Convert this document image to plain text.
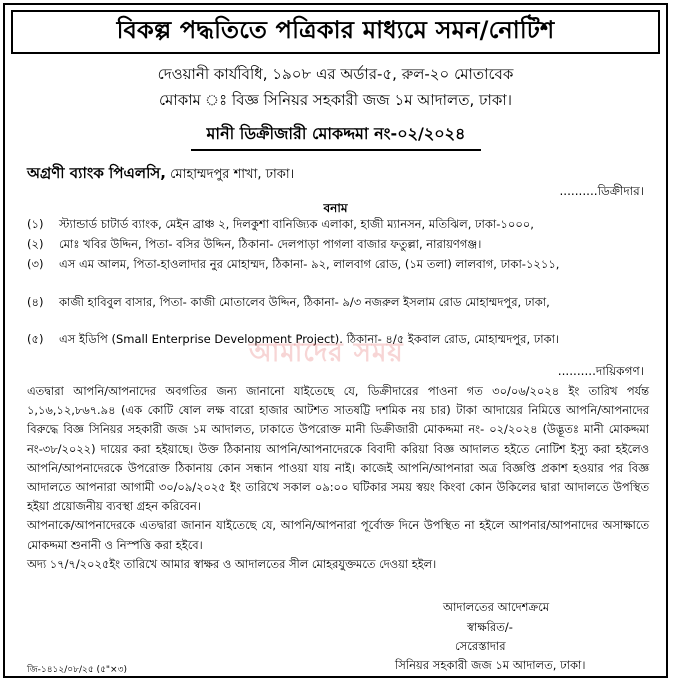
বিকল্প পদ্ধতিতে পত্রিকার মাধ্যমে সমন/নোটিশ
দেওয়ানী কার্যবিধি, ১৯০৮ এর অর্ডার-৫, রুল-২০ মোতাবেক
মোকাম ঃ বিজ্ঞ সিনিয়র সহকারী জজ ১ম আদালত, ঢাকা।
মানী ডিক্রীজারী মোকদ্দমা নং-০২/২০২৪
অগ্রণী ব্যাংক পিএলসি, মোহাম্মদপুর শাখা, ঢাকা।
..........ডিক্রীদার।
বনাম
(১)	স্ট্যান্ডার্ড চাটার্ড ব্যাংক, মেইন ব্রাঞ্চ ২, দিলকুশা বানিজ্যিক এলাকা, হাজী ম্যানসন, মতিঝিল, ঢাকা-১০০০,
(২)	মোঃ খবির উদ্দিন, পিতা- বসির উদ্দিন, ঠিকানা- দেলপাড়া পাগলা বাজার ফতুল্লা, নারায়ণগঞ্জ।
(৩)	এস এম আলম, পিতা-হাওলাদার নুর মোহাম্মদ, ঠিকানা- ৯২, লালবাগ রোড, (১ম তলা) লালবাগ, ঢাকা-১২১১,
(৪)	কাজী হাবিবুল বাসার, পিতা- কাজী মোতালেব উদ্দিন, ঠিকানা- ৯/৩ নজরুল ইসলাম রোড মোহাম্মদপুর, ঢাকা,
(৫)	এস ইডিপি (Small Enterprise Development Project). ঠিকানা- ৪/৫ ইকবাল রোড, মোহাম্মদপুর, ঢাকা।
আমাদের সময়
..........দায়িকগণ।

এতদ্বারা আপনি/আপনাদের অবগতির জন্য জানানো যাইতেছে যে, ডিক্রীদারের পাওনা গত ৩০/০৬/২০২৪ ইং তারিখ পর্যন্ত ১,১৬,১২,৮৬৭.৯৪ (এক কোটি ষোল লক্ষ বারো হাজার আটশত সাতষট্টি দশমিক নয় চার) টাকা আদায়ের নিমিত্তে আপনি/আপনাদের বিরুদ্ধে বিজ্ঞ সিনিয়র সহকারী জজ ১ম আদালত, ঢাকাতে উপরোক্ত মানী ডিক্রীজারী মোকদ্দমা নং- ০২/২০২৪ (উদ্ভূতঃ মানী মোকদ্দমা নং-৩৮/২০২২) দায়ের করা হইয়াছে। উক্ত ঠিকানায় আপনি/আপনাদেরকে বিবাদী করিয়া বিজ্ঞ আদালত হইতে নোটিশ ইস্যু করা হইলেও আপনি/আপনাদেরকে উপরোক্ত ঠিকানায় কোন সন্ধান পাওয়া যায় নাই। কাজেই আপনি/আপনারা অত্র বিজ্ঞপ্তি প্রকাশ হওয়ার পর বিজ্ঞ আদালতে আপনারা আগামী ৩০/০৯/২০২৫ ইং তারিখে সকাল ০৯:০০ ঘটিকার সময় স্বয়ং কিংবা কোন উকিলের দ্বারা আদালতে উপস্থিত হইয়া প্রয়োজনীয় ব্যবস্থা গ্রহন করিবেন।

আপনাকে/আপনাদেরকে এতদ্বারা জানান যাইতেছে যে, আপনি/আপনারা পূর্বোক্ত দিনে উপস্থিত না হইলে আপনার/আপনাদের অসাক্ষাতে মোকদ্দমা শুনানী ও নিস্পত্তি করা হইবে।

অদ্য ১৭/৭/২০২৫ইং তারিখে আমার স্বাক্ষর ও আদালতের সীল মোহরযুক্তমতে দেওয়া হইল।

আদালতের আদেশক্রমে
স্বাক্ষরিত/-
সেরেস্তাদার
সিনিয়র সহকারী জজ ১ম আদালত, ঢাকা।
জি-১৪১২/০৮/২৫ (৫"×৩)
